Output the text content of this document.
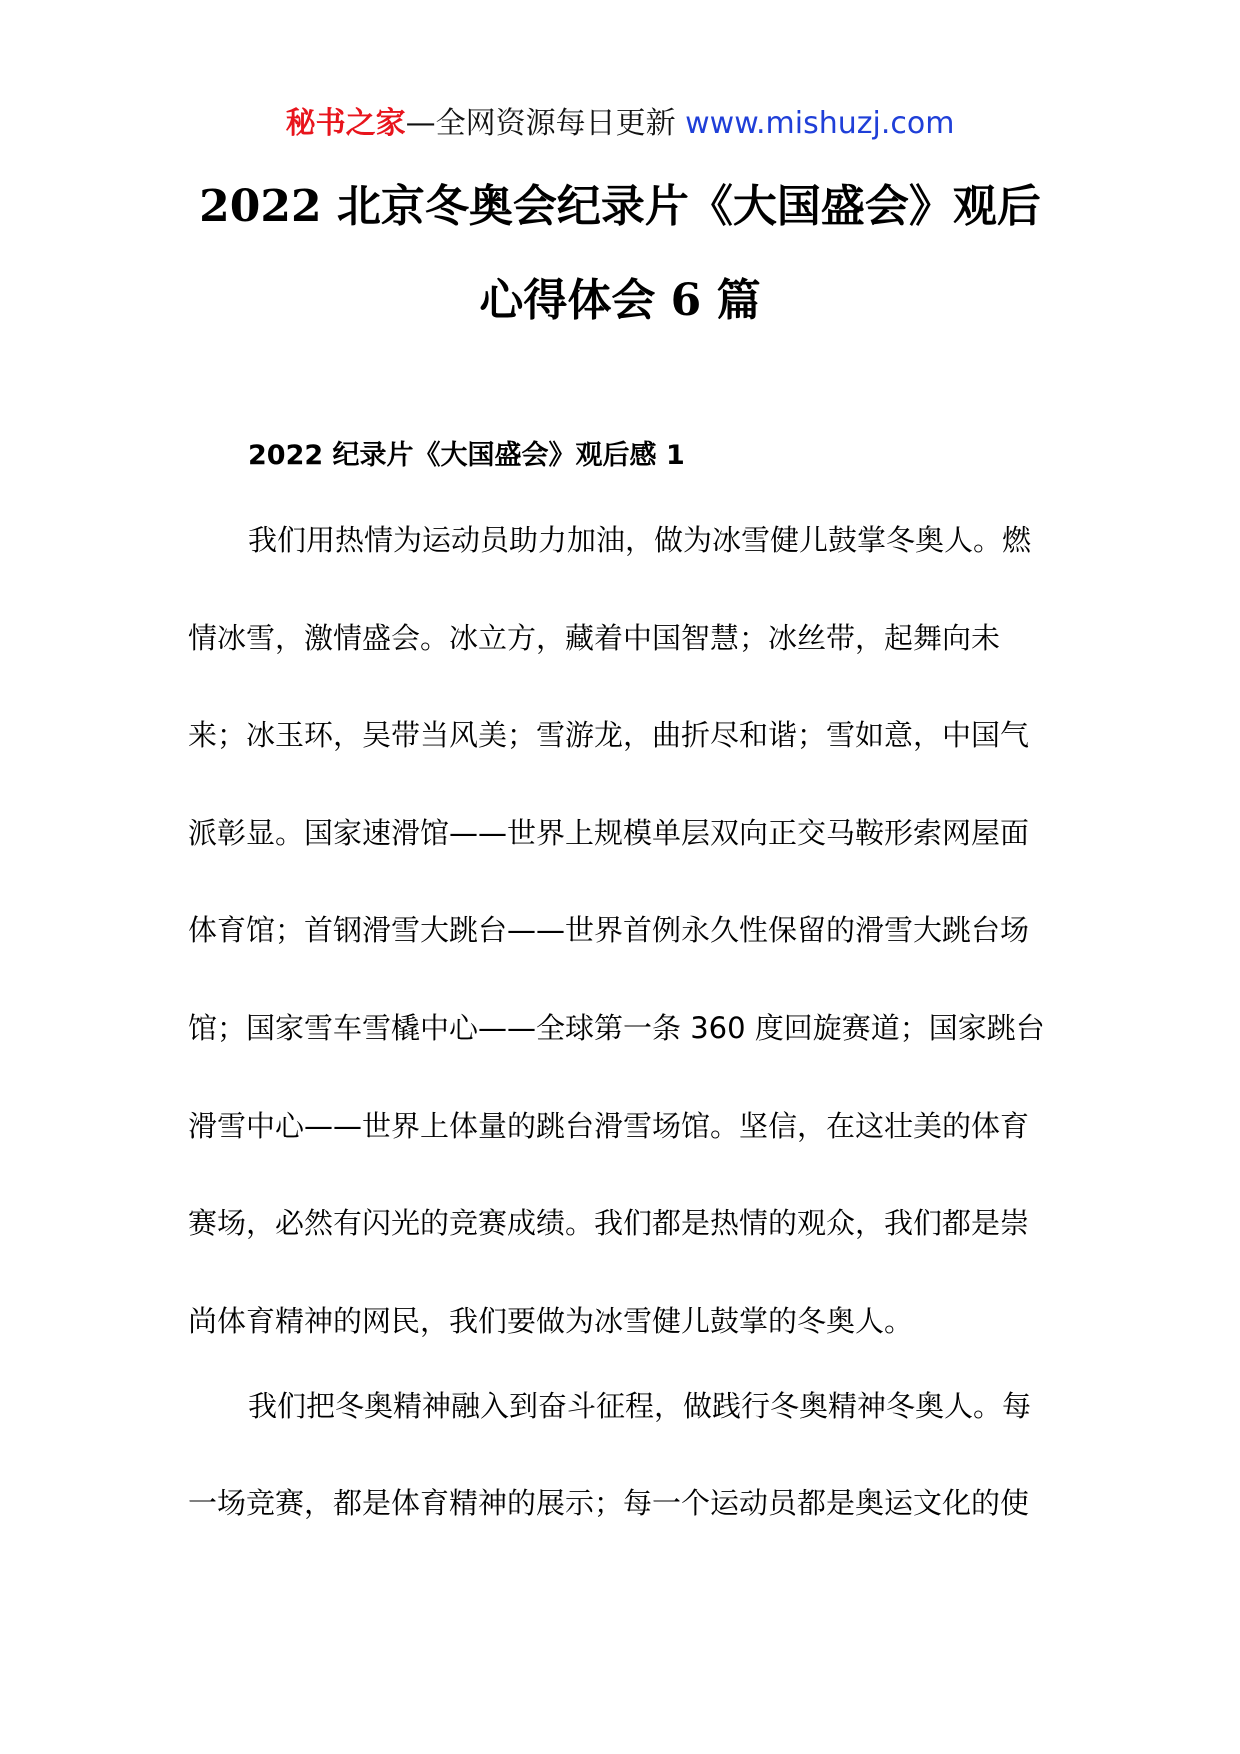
秘书之家—全网资源每日更新 www.mishuzj.com
2022 北京冬奥会纪录片《大国盛会》观后
心得体会 6 篇
2022 纪录片《大国盛会》观后感 1
我们用热情为运动员助力加油，做为冰雪健儿鼓掌冬奥人。燃
情冰雪，激情盛会。冰立方，藏着中国智慧；冰丝带，起舞向未
来；冰玉环，吴带当风美；雪游龙，曲折尽和谐；雪如意，中国气
派彰显。国家速滑馆——世界上规模单层双向正交马鞍形索网屋面
体育馆；首钢滑雪大跳台——世界首例永久性保留的滑雪大跳台场
馆；国家雪车雪橇中心——全球第一条 360 度回旋赛道；国家跳台
滑雪中心——世界上体量的跳台滑雪场馆。坚信，在这壮美的体育
赛场，必然有闪光的竞赛成绩。我们都是热情的观众，我们都是崇
尚体育精神的网民，我们要做为冰雪健儿鼓掌的冬奥人。
我们把冬奥精神融入到奋斗征程，做践行冬奥精神冬奥人。每
一场竞赛，都是体育精神的展示；每一个运动员都是奥运文化的使
